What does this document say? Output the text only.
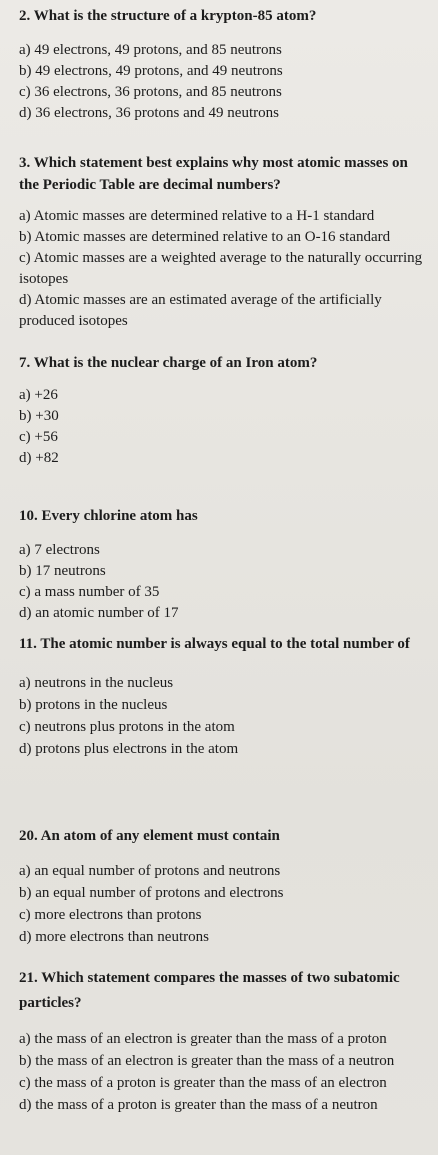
2. What is the structure of a krypton-85 atom?

a) 49 electrons, 49 protons, and 85 neutrons

b) 49 electrons, 49 protons, and 49 neutrons

c) 36 electrons, 36 protons, and 85 neutrons

d) 36 electrons, 36 protons and 49 neutrons

3. Which statement best explains why most atomic masses on the Periodic Table are decimal numbers?

a) Atomic masses are determined relative to a H-1 standard

b) Atomic masses are determined relative to an O-16 standard

c) Atomic masses are a weighted average to the naturally occurring isotopes

d) Atomic masses are an estimated average of the artificially produced isotopes

7. What is the nuclear charge of an Iron atom?

a) +26

b) +30

c) +56

d) +82

10. Every chlorine atom has

a) 7 electrons

b) 17 neutrons

c) a mass number of 35

d) an atomic number of 17

11. The atomic number is always equal to the total number of

a) neutrons in the nucleus

b) protons in the nucleus

c) neutrons plus protons in the atom

d) protons plus electrons in the atom

20. An atom of any element must contain

a) an equal number of protons and neutrons

b) an equal number of protons and electrons

c) more electrons than protons

d) more electrons than neutrons

21. Which statement compares the masses of two subatomic particles?

a) the mass of an electron is greater than the mass of a proton

b) the mass of an electron is greater than the mass of a neutron

c) the mass of a proton is greater than the mass of an electron

d) the mass of a proton is greater than the mass of a neutron
